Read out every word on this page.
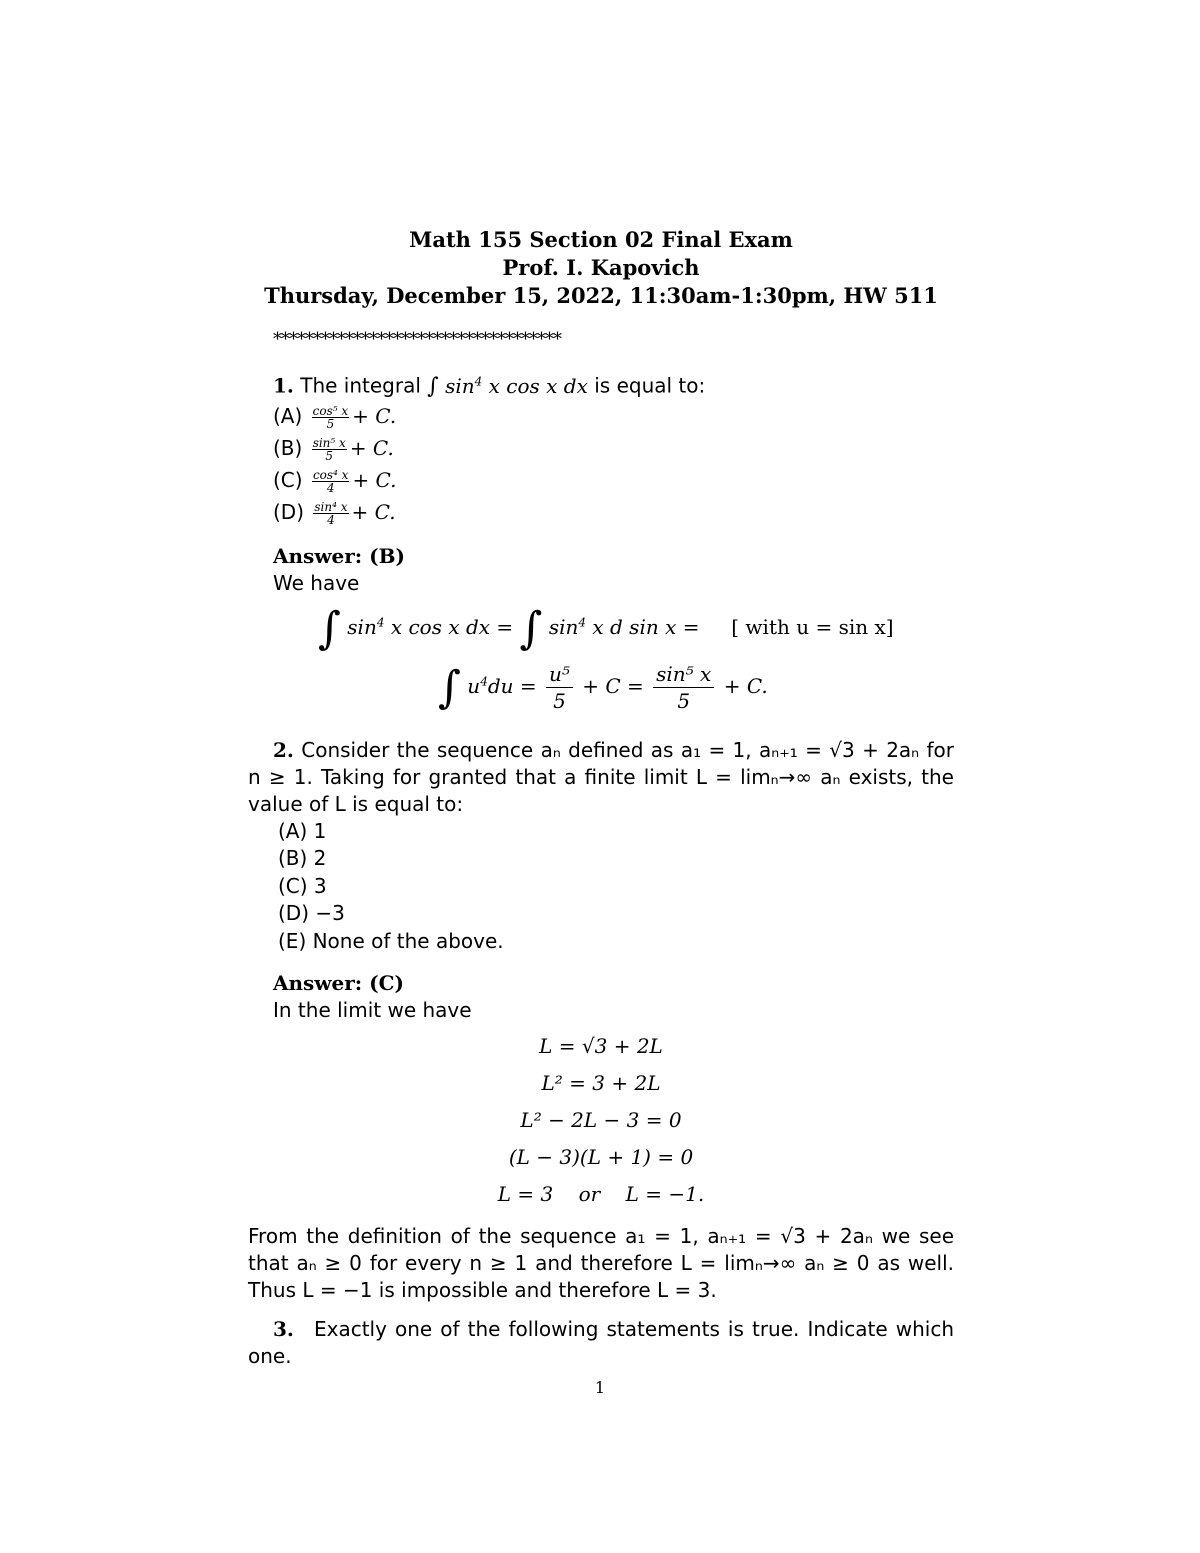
Math 155 Section 02 Final Exam
Prof. I. Kapovich
Thursday, December 15, 2022, 11:30am-1:30pm, HW 511
************************************
1. The integral ∫ $\sin^4 x$ cos x dx is equal to:
$(A) \frac{\text{cos⁵ x}}{5} + C$.
$(B) \frac{\text{sin⁵ x}}{5} + C$.
$(C) \frac{\text{cos⁴ x}}{4} + C$.
$(D) \frac{\text{sin⁴ x}}{4} + C$.
Answer: (B)
We have
∫ $\sin^4 x$ cos x dx = ∫ $\sin^4 x$ d sin x =     [ with u = sin x]
∫ $u^4du = \frac{\text{u⁵}}{5} + C = \frac{\text{sin⁵ x}}{5} + C$.
2. Consider the sequence aₙ defined as a₁ = 1, aₙ₊₁ = √3 + 2aₙ for n ≥ 1. Taking for granted that a finite limit L = limₙ→∞ aₙ exists, the value of L is equal to:
(A) 1
(B) 2
(C) 3
(D) −3
(E) None of the above.
Answer: (C)
In the limit we have
L = √3 + 2L
L² = 3 + 2L
L² − 2L − 3 = 0
(L − 3)(L + 1) = 0
L = 3    or    L = −1.
From the definition of the sequence a₁ = 1, aₙ₊₁ = √3 + 2aₙ we see that aₙ ≥ 0 for every n ≥ 1 and therefore L = limₙ→∞ aₙ ≥ 0 as well. Thus L = −1 is impossible and therefore L = 3.
3. Exactly one of the following statements is true. Indicate which one.
1
